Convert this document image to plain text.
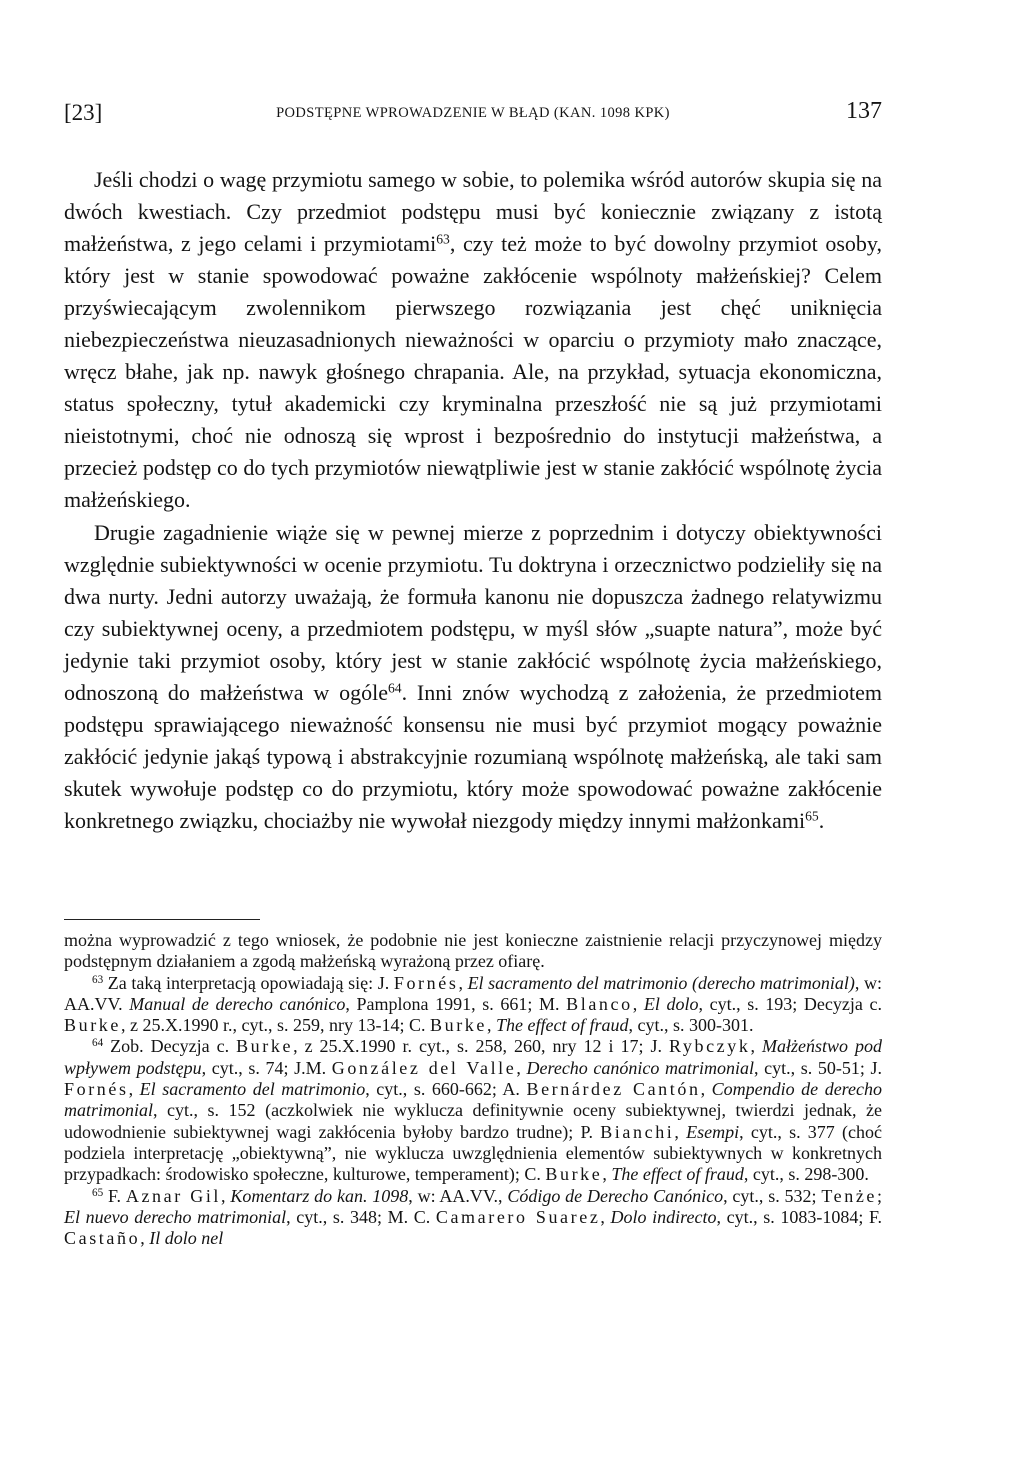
[23]	PODSTĘPNE WPROWADZENIE W BŁĄD (KAN. 1098 KPK)	137

Jeśli chodzi o wagę przymiotu samego w sobie, to polemika wśród autorów skupia się na dwóch kwestiach. Czy przedmiot podstępu musi być koniecznie związany z istotą małżeństwa, z jego celami i przymiotami$^{63}$, czy też może to być dowolny przymiot osoby, który jest w stanie spowodować poważne zakłócenie wspólnoty małżeńskiej? Celem przyświecającym zwolennikom pierwszego rozwiązania jest chęć uniknięcia niebezpieczeństwa nieuzasadnionych nieważności w oparciu o przymioty mało znaczące, wręcz błahe, jak np. nawyk głośnego chrapania. Ale, na przykład, sytuacja ekonomiczna, status społeczny, tytuł akademicki czy kryminalna przeszłość nie są już przymiotami nieistotnymi, choć nie odnoszą się wprost i bezpośrednio do instytucji małżeństwa, a przecież podstęp co do tych przymiotów niewątpliwie jest w stanie zakłócić wspólnotę życia małżeńskiego.

Drugie zagadnienie wiąże się w pewnej mierze z poprzednim i dotyczy obiektywności względnie subiektywności w ocenie przymiotu. Tu doktryna i orzecznictwo podzieliły się na dwa nurty. Jedni autorzy uważają, że formuła kanonu nie dopuszcza żadnego relatywizmu czy subiektywnej oceny, a przedmiotem podstępu, w myśl słów „suapte natura”, może być jedynie taki przymiot osoby, który jest w stanie zakłócić wspólnotę życia małżeńskiego, odnoszoną do małżeństwa w ogóle$^{64}$. Inni znów wychodzą z założenia, że przedmiotem podstępu sprawiającego nieważność konsensu nie musi być przymiot mogący poważnie zakłócić jedynie jakąś typową i abstrakcyjnie rozumianą wspólnotę małżeńską, ale taki sam skutek wywołuje podstęp co do przymiotu, który może spowodować poważne zakłócenie konkretnego związku, chociażby nie wywołał niezgody między innymi małżonkami$^{65}$.

można wyprowadzić z tego wniosek, że podobnie nie jest konieczne zaistnienie relacji przyczynowej między podstępnym działaniem a zgodą małżeńską wyrażoną przez ofiarę.

$^{63}$ Za taką interpretacją opowiadają się: J. Fornés, El sacramento del matrimonio (derecho matrimonial), w: AA.VV. Manual de derecho canónico, Pamplona 1991, s. 661; M. Blanco, El dolo, cyt., s. 193; Decyzja c. Burke, z 25.X.1990 r., cyt., s. 259, nry 13-14; C. Burke, The effect of fraud, cyt., s. 300-301.

$^{64}$ Zob. Decyzja c. Burke, z 25.X.1990 r. cyt., s. 258, 260, nry 12 i 17; J. Rybczyk, Małżeństwo pod wpływem podstępu, cyt., s. 74; J.M. González del Valle, Derecho canónico matrimonial, cyt., s. 50-51; J. Fornés, El sacramento del matrimonio, cyt., s. 660-662; A. Bernárdez Cantón, Compendio de derecho matrimonial, cyt., s. 152 (aczkolwiek nie wyklucza definitywnie oceny subiektywnej, twierdzi jednak, że udowodnienie subiektywnej wagi zakłócenia byłoby bardzo trudne); P. Bianchi, Esempi, cyt., s. 377 (choć podziela interpretację „obiektywną”, nie wyklucza uwzględnienia elementów subiektywnych w konkretnych przypadkach: środowisko społeczne, kulturowe, temperament); C. Burke, The effect of fraud, cyt., s. 298-300.

$^{65}$ F. Aznar Gil, Komentarz do kan. 1098, w: AA.VV., Código de Derecho Canónico, cyt., s. 532; Tenże; El nuevo derecho matrimonial, cyt., s. 348; M. C. Camarero Suarez, Dolo indirecto, cyt., s. 1083-1084; F. Castaño, Il dolo nel
